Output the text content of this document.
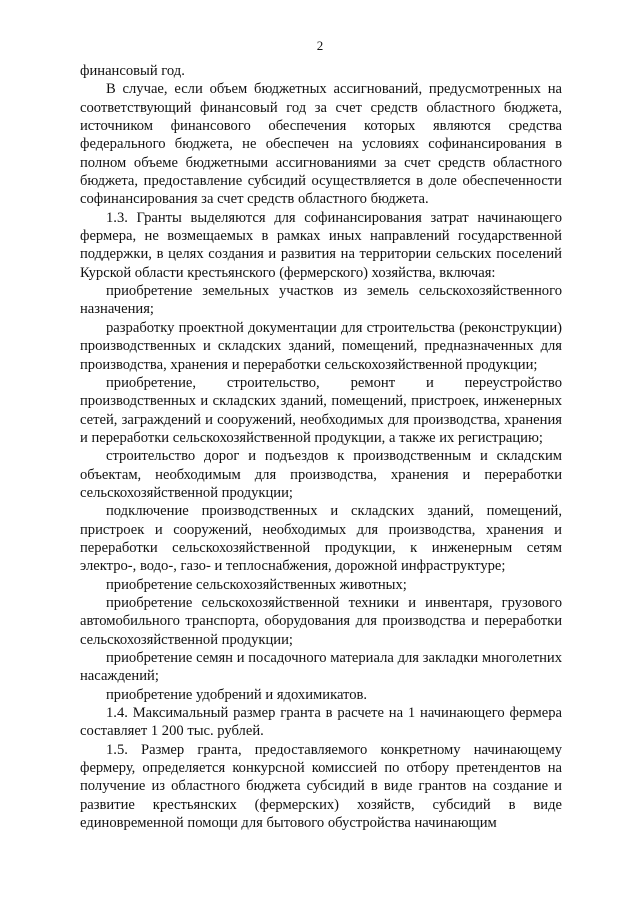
2

финансовый год.

В случае, если объем бюджетных ассигнований, предусмотренных на соответствующий финансовый год за счет средств областного бюджета, источником финансового обеспечения которых являются средства федерального бюджета, не обеспечен на условиях софинансирования в полном объеме бюджетными ассигнованиями за счет средств областного бюджета, предоставление субсидий осуществляется в доле обеспеченности софинансирования за счет средств областного бюджета.

1.3. Гранты выделяются для софинансирования затрат начинающего фермера, не возмещаемых в рамках иных направлений государственной поддержки, в целях создания и развития на территории сельских поселений Курской области крестьянского (фермерского) хозяйства, включая:

приобретение земельных участков из земель сельскохозяйственного назначения;

разработку проектной документации для строительства (реконструкции) производственных и складских зданий, помещений, предназначенных для производства, хранения и переработки сельскохозяйственной продукции;

приобретение, строительство, ремонт и переустройство производственных и складских зданий, помещений, пристроек, инженерных сетей, заграждений и сооружений, необходимых для производства, хранения и переработки сельскохозяйственной продукции, а также их регистрацию;

строительство дорог и подъездов к производственным и складским объектам, необходимым для производства, хранения и переработки сельскохозяйственной продукции;

подключение производственных и складских зданий, помещений, пристроек и сооружений, необходимых для производства, хранения и переработки сельскохозяйственной продукции, к инженерным сетям электро-, водо-, газо- и теплоснабжения, дорожной инфраструктуре;

приобретение сельскохозяйственных животных;

приобретение сельскохозяйственной техники и инвентаря, грузового автомобильного транспорта, оборудования для производства и переработки сельскохозяйственной продукции;

приобретение семян и посадочного материала для закладки многолетних насаждений;

приобретение удобрений и ядохимикатов.

1.4. Максимальный размер гранта в расчете на 1 начинающего фермера составляет 1 200 тыс. рублей.

1.5. Размер гранта, предоставляемого конкретному начинающему фермеру, определяется конкурсной комиссией по отбору претендентов на получение из областного бюджета субсидий в виде грантов на создание и развитие крестьянских (фермерских) хозяйств, субсидий в виде единовременной помощи для бытового обустройства начинающим
